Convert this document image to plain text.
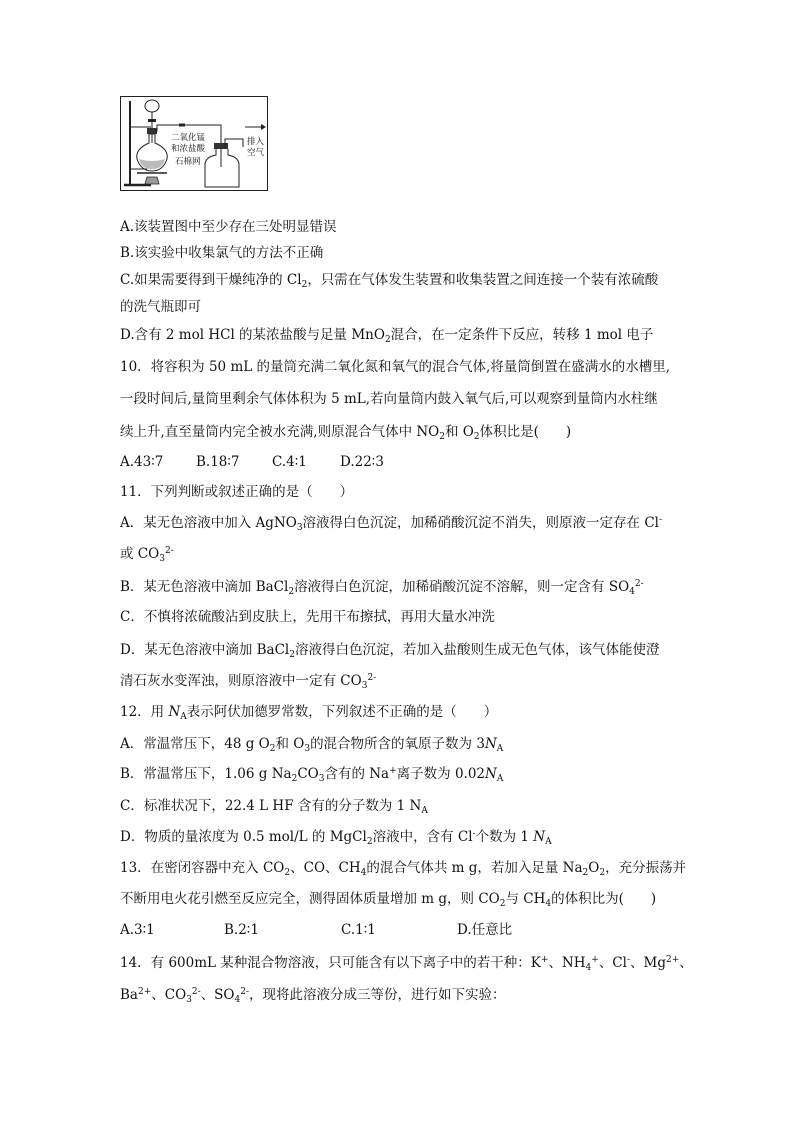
二氧化锰
和浓盐酸
石棉网
排入
空气
A.该装置图中至少存在三处明显错误
B.该实验中收集氯气的方法不正确
C.如果需要得到干燥纯净的 $Cl_2$，只需在气体发生装置和收集装置之间连接一个装有浓硫酸
的洗气瓶即可
D.含有 2 mol HCl 的某浓盐酸与足量 MnO$_2$混合，在一定条件下反应，转移 1 mol 电子
10．将容积为 50 mL 的量筒充满二氧化氮和氧气的混合气体,将量筒倒置在盛满水的水槽里,
一段时间后,量筒里剩余气体体积为 5 mL,若向量筒内鼓入氧气后,可以观察到量筒内水柱继
续上升,直至量筒内完全被水充满,则原混合气体中 $NO_2$和 $O_2$体积比是(　　)
A.43∶7 B.18∶7 C.4∶1 D.22∶3
11．下列判断或叙述正确的是（　　）
A．某无色溶液中加入 AgNO$_3$溶液得白色沉淀，加稀硝酸沉淀不消失，则原液一定存在 Cl-
或 $CO_3^{2-}$
B．某无色溶液中滴加 BaCl$_2$溶液得白色沉淀，加稀硝酸沉淀不溶解，则一定含有 $SO_4^{2-}$
C．不慎将浓硫酸沾到皮肤上，先用干布擦拭，再用大量水冲洗
D．某无色溶液中滴加 BaCl$_2$溶液得白色沉淀，若加入盐酸则生成无色气体，该气体能使澄
清石灰水变浑浊，则原溶液中一定有 $CO_3^{2-}$
12．用 $N_A$表示阿伏加德罗常数，下列叙述不正确的是（　　）
A．常温常压下，48 g $O_2$和 $O_3$的混合物所含的氧原子数为 $3N_A$
B．常温常压下，1.06 g $Na_2CO_3$含有的 Na+离子数为 $0.02N_A$
C．标准状况下，22.4 L HF 含有的分子数为 1 $N_A$
D．物质的量浓度为 0.5 mol/L 的 MgCl$_2$溶液中，含有 Cl-个数为 1 $N_A$
13．在密闭容器中充入 $CO_2$、CO、$CH_4$的混合气体共 m g，若加入足量 $Na_2O_2$，充分振荡并
不断用电火花引燃至反应完全，测得固体质量增加 m g，则 $CO_2$与 $CH_4$的体积比为(　　)
A.3∶1	B.2∶1	C.1∶1	D.任意比
14．有 600mL 某种混合物溶液，只可能含有以下离子中的若干种：K+、$NH_4^+$、Cl-、$Mg^{2+}$、
$Ba^{2+}$、$CO_3^{2-}$、$SO_4^{2-}$，现将此溶液分成三等份，进行如下实验：
